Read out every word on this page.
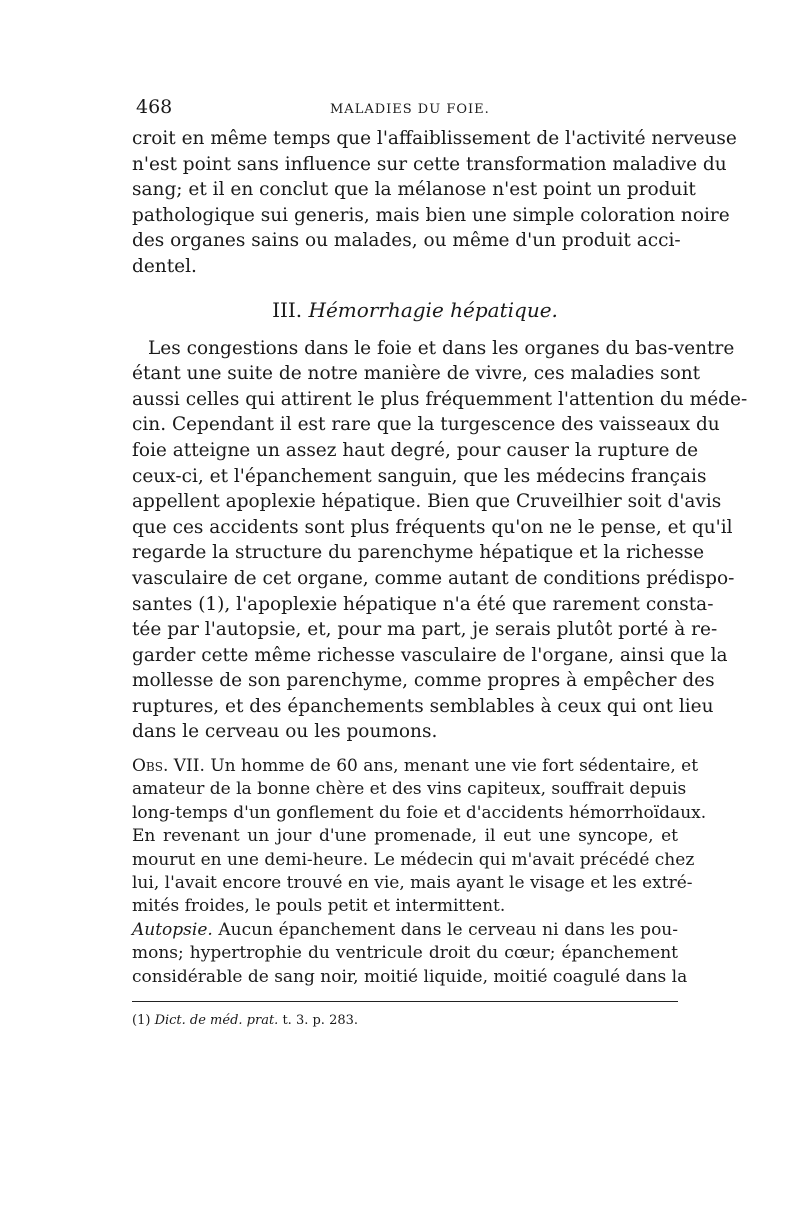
468	MALADIES DU FOIE.
croit en même temps que l'affaiblissement de l'activité nerveuse
n'est point sans influence sur cette transformation maladive du
sang; et il en conclut que la mélanose n'est point un produit
pathologique sui generis, mais bien une simple coloration noire
des organes sains ou malades, ou même d'un produit acci-
dentel.
III. Hémorrhagie hépatique.
Les congestions dans le foie et dans les organes du bas-ventre
étant une suite de notre manière de vivre, ces maladies sont
aussi celles qui attirent le plus fréquemment l'attention du méde-
cin. Cependant il est rare que la turgescence des vaisseaux du
foie atteigne un assez haut degré, pour causer la rupture de
ceux-ci, et l'épanchement sanguin, que les médecins français
appellent apoplexie hépatique. Bien que Cruveilhier soit d'avis
que ces accidents sont plus fréquents qu'on ne le pense, et qu'il
regarde la structure du parenchyme hépatique et la richesse
vasculaire de cet organe, comme autant de conditions prédispo-
santes (1), l'apoplexie hépatique n'a été que rarement consta-
tée par l'autopsie, et, pour ma part, je serais plutôt porté à re-
garder cette même richesse vasculaire de l'organe, ainsi que la
mollesse de son parenchyme, comme propres à empêcher des
ruptures, et des épanchements semblables à ceux qui ont lieu
dans le cerveau ou les poumons.
Obs. VII. Un homme de 60 ans, menant une vie fort sédentaire, et
amateur de la bonne chère et des vins capiteux, souffrait depuis
long-temps d'un gonflement du foie et d'accidents hémorrhoïdaux.
En revenant un jour d'une promenade, il eut une syncope, et
mourut en une demi-heure. Le médecin qui m'avait précédé chez
lui, l'avait encore trouvé en vie, mais ayant le visage et les extré-
mités froides, le pouls petit et intermittent.
Autopsie. Aucun épanchement dans le cerveau ni dans les pou-
mons; hypertrophie du ventricule droit du cœur; épanchement
considérable de sang noir, moitié liquide, moitié coagulé dans la
(1) Dict. de méd. prat. t. 3. p. 283.
